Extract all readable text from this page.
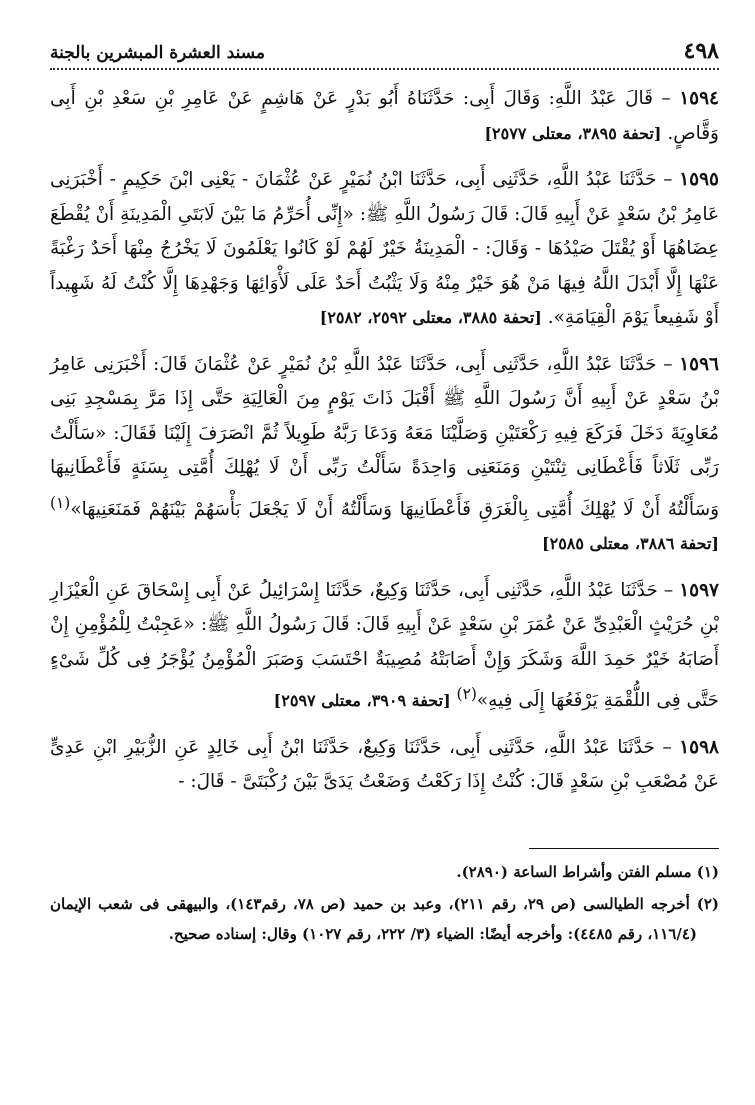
٤٩٨
مسند العشرة المبشرين بالجنة

١٥٩٤ – قَالَ عَبْدُ اللَّهِ: وَقَالَ أَبِى: حَدَّثَنَاهُ أَبُو بَدْرٍ عَنْ هَاشِمٍ عَنْ عَامِرِ بْنِ سَعْدِ بْنِ أَبِى وَقَّاصٍ. [تحفة ٣٨٩٥، معتلى ٢٥٧٧]

١٥٩٥ – حَدَّثَنَا عَبْدُ اللَّهِ، حَدَّثَنِى أَبِى، حَدَّثَنَا ابْنُ نُمَيْرٍ عَنْ عُثْمَانَ - يَعْنِى ابْنَ حَكِيمٍ - أَخْبَرَنِى عَامِرُ بْنُ سَعْدٍ عَنْ أَبِيهِ قَالَ: قَالَ رَسُولُ اللَّهِ ﷺ: «إِنِّى أُحَرِّمُ مَا بَيْنَ لَابَتَىِ الْمَدِينَةِ أَنْ يُقْطَعَ عِضَاهُهَا أَوْ يُقْتَلَ صَيْدُهَا - وَقَالَ: - الْمَدِينَةُ خَيْرٌ لَهُمْ لَوْ كَانُوا يَعْلَمُونَ لَا يَخْرُجُ مِنْهَا أَحَدٌ رَغْبَةً عَنْهَا إِلَّا أَبْدَلَ اللَّهُ فِيهَا مَنْ هُوَ خَيْرٌ مِنْهُ وَلَا يَثْبُتُ أَحَدٌ عَلَى لَأْوَائِهَا وَجَهْدِهَا إِلَّا كُنْتُ لَهُ شَهِيداً أَوْ شَفِيعاً يَوْمَ الْقِيَامَةِ». [تحفة ٣٨٨٥، معتلى ٢٥٩٢، ٢٥٨٢]

١٥٩٦ – حَدَّثَنَا عَبْدُ اللَّهِ، حَدَّثَنِى أَبِى، حَدَّثَنَا عَبْدُ اللَّهِ بْنُ نُمَيْرٍ عَنْ عُثْمَانَ قَالَ: أَخْبَرَنِى عَامِرُ بْنُ سَعْدٍ عَنْ أَبِيهِ أَنَّ رَسُولَ اللَّهِ ﷺ أَقْبَلَ ذَاتَ يَوْمٍ مِنَ الْعَالِيَةِ حَتَّى إِذَا مَرَّ بِمَسْجِدِ بَنِى مُعَاوِيَةَ دَخَلَ فَرَكَعَ فِيهِ رَكْعَتَيْنِ وَصَلَّيْنَا مَعَهُ وَدَعَا رَبَّهُ طَوِيلاً ثُمَّ انْصَرَفَ إِلَيْنَا فَقَالَ: «سَأَلْتُ رَبِّى ثَلَاثاً فَأَعْطَانِى ثِنْتَيْنِ وَمَنَعَنِى وَاحِدَةً سَأَلْتُ رَبِّى أَنْ لَا يُهْلِكَ أُمَّتِى بِسَنَةٍ فَأَعْطَانِيهَا وَسَأَلْتُهُ أَنْ لَا يُهْلِكَ أُمَّتِى بِالْغَرَقِ فَأَعْطَانِيهَا وَسَأَلْتُهُ أَنْ لَا يَجْعَلَ بَأْسَهُمْ بَيْنَهُمْ فَمَنَعَنِيهَا»$^{(١)}$ [تحفة ٣٨٨٦، معتلى ٢٥٨٥]

١٥٩٧ – حَدَّثَنَا عَبْدُ اللَّهِ، حَدَّثَنِى أَبِى، حَدَّثَنَا وَكِيعٌ، حَدَّثَنَا إِسْرَائِيلُ عَنْ أَبِى إِسْحَاقَ عَنِ الْعَيْزَارِ بْنِ حُرَيْثٍ الْعَبْدِىِّ عَنْ عُمَرَ بْنِ سَعْدٍ عَنْ أَبِيهِ قَالَ: قَالَ رَسُولُ اللَّهِ ﷺ: «عَجِبْتُ لِلْمُؤْمِنِ إِنْ أَصَابَهُ خَيْرٌ حَمِدَ اللَّهَ وَشَكَرَ وَإِنْ أَصَابَتْهُ مُصِيبَةٌ احْتَسَبَ وَصَبَرَ الْمُؤْمِنُ يُؤْجَرُ فِى كُلِّ شَىْءٍ حَتَّى فِى اللُّقْمَةِ يَرْفَعُهَا إِلَى فِيهِ»$^{(٢)}$ [تحفة ٣٩٠٩، معتلى ٢٥٩٧]

١٥٩٨ – حَدَّثَنَا عَبْدُ اللَّهِ، حَدَّثَنِى أَبِى، حَدَّثَنَا وَكِيعٌ، حَدَّثَنَا ابْنُ أَبِى خَالِدٍ عَنِ الزُّبَيْرِ ابْنِ عَدِىٍّ عَنْ مُصْعَبِ بْنِ سَعْدٍ قَالَ: كُنْتُ إِذَا رَكَعْتُ وَضَعْتُ يَدَىَّ بَيْنَ رُكْبَتَىَّ - قَالَ: -

(١) مسلم الفتن وأشراط الساعة (٢٨٩٠).

(٢) أخرجه الطيالسى (ص ٢٩، رقم ٢١١)، وعبد بن حميد (ص ٧٨، رقم١٤٣)، والبيهقى فى شعب الإيمان (١١٦/٤، رقم ٤٤٨٥): وأخرجه أيضًا: الضياء (٣/ ٢٢٢، رقم ١٠٢٧) وقال: إسناده صحيح.
